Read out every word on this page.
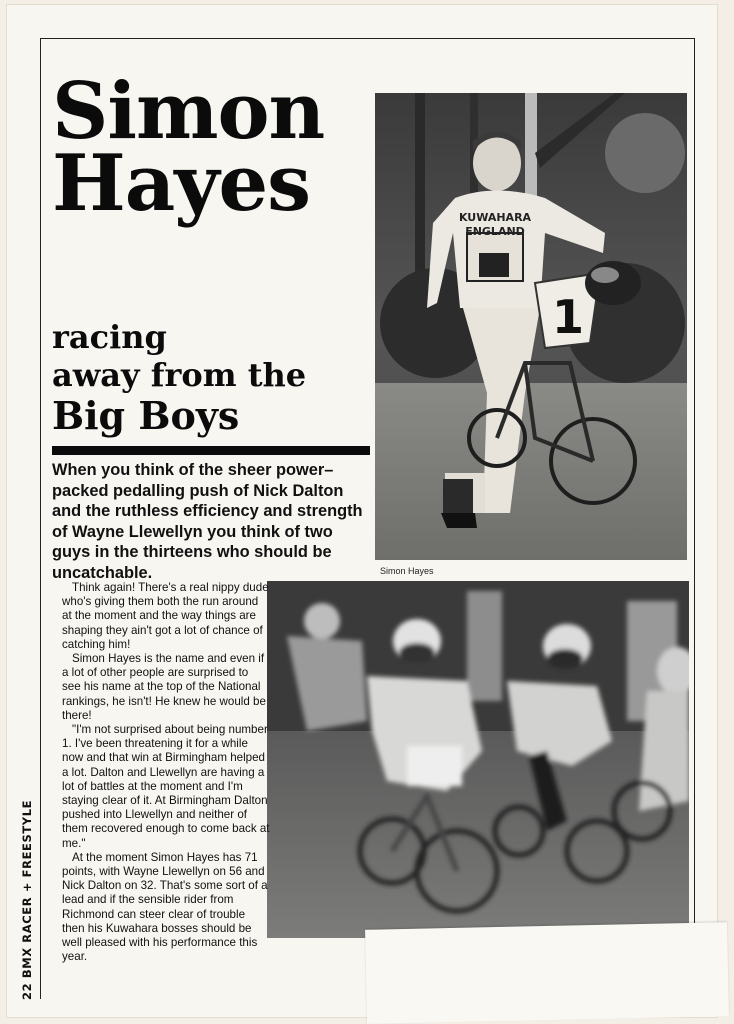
Simon
Hayes	KUWAHARA
ENGLAND
1
Simon Hayes
racing
away from the
Big Boys

When you think of the sheer power–packed pedalling push of Nick Dalton and the ruthless efficiency and strength of Wayne Llewellyn you think of two guys in the thirteens who should be uncatchable.

Think again! There's a real nippy dude who's giving them both the run around at the moment and the way things are shaping they ain't got a lot of chance of catching him!

Simon Hayes is the name and even if a lot of other people are surprised to see his name at the top of the National rankings, he isn't! He knew he would be there!

"I'm not surprised about being number 1. I've been threatening it for a while now and that win at Birmingham helped a lot. Dalton and Llewellyn are having a lot of battles at the moment and I'm staying clear of it. At Birmingham Dalton pushed into Llewellyn and neither of them recovered enough to come back at me."

At the moment Simon Hayes has 71 points, with Wayne Llewellyn on 56 and Nick Dalton on 32. That's some sort of a lead and if the sensible rider from Richmond can steer clear of trouble then his Kuwahara bosses should be well pleased with his performance this year.

22 BMX RACER + FREESTYLE
